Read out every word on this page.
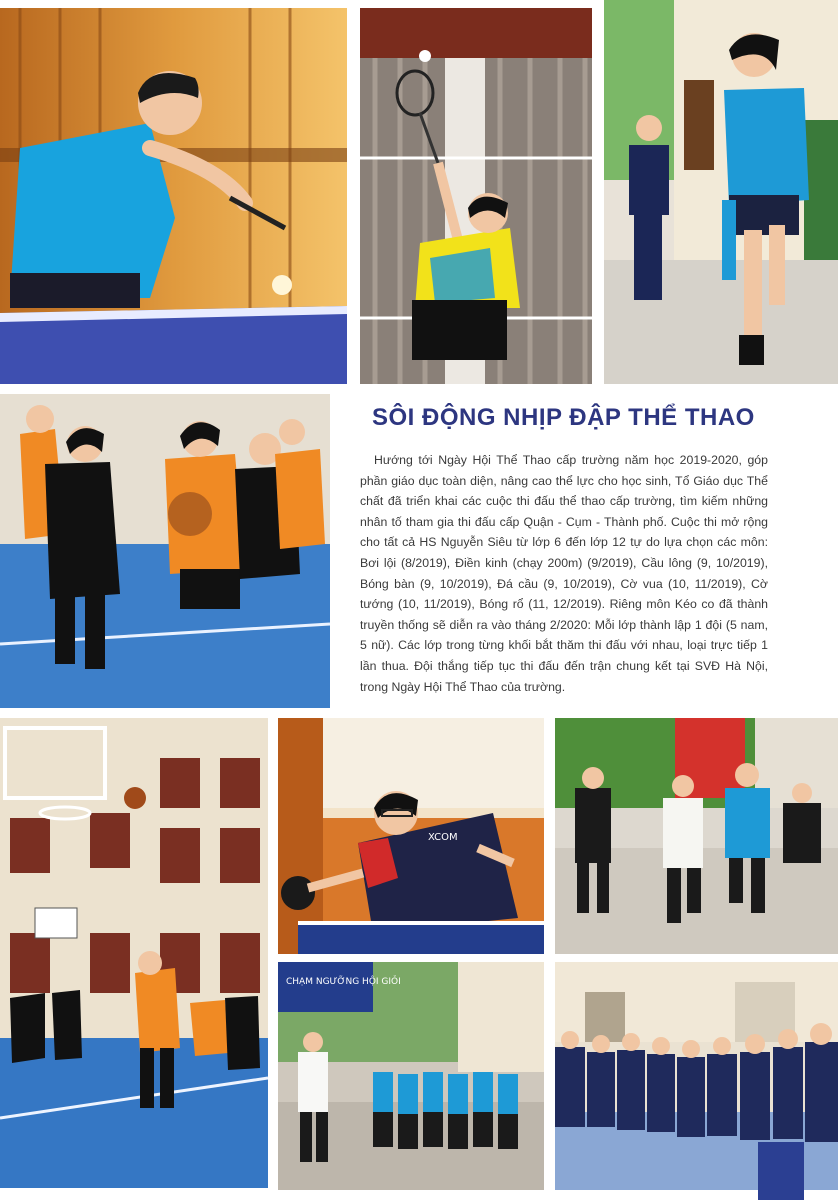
SÔI ĐỘNG NHỊP ĐẬP THỂ THAO

Hướng tới Ngày Hội Thể Thao cấp trường năm học 2019-2020, góp phần giáo dục toàn diện, nâng cao thể lực cho học sinh, Tổ Giáo dục Thể chất đã triển khai các cuộc thi đấu thể thao cấp trường, tìm kiếm những nhân tố tham gia thi đấu cấp Quận - Cụm - Thành phố. Cuộc thi mở rộng cho tất cả HS Nguyễn Siêu từ lớp 6 đến lớp 12 tự do lựa chọn các môn: Bơi lội (8/2019), Điền kinh (chạy 200m) (9/2019), Cầu lông (9, 10/2019), Bóng bàn (9, 10/2019), Đá cầu (9, 10/2019), Cờ vua (10, 11/2019), Cờ tướng (10, 11/2019), Bóng rổ (11, 12/2019). Riêng môn Kéo co đã thành truyền thống sẽ diễn ra vào tháng 2/2020: Mỗi lớp thành lập 1 đội (5 nam, 5 nữ). Các lớp trong từng khối bắt thăm thi đấu với nhau, loại trực tiếp 1 lần thua. Đội thắng tiếp tục thi đấu đến trận chung kết tại SVĐ Hà Nội, trong Ngày Hội Thể Thao của trường.

XCOM
CHẠM NGƯỠNG HỘI GIỎI
